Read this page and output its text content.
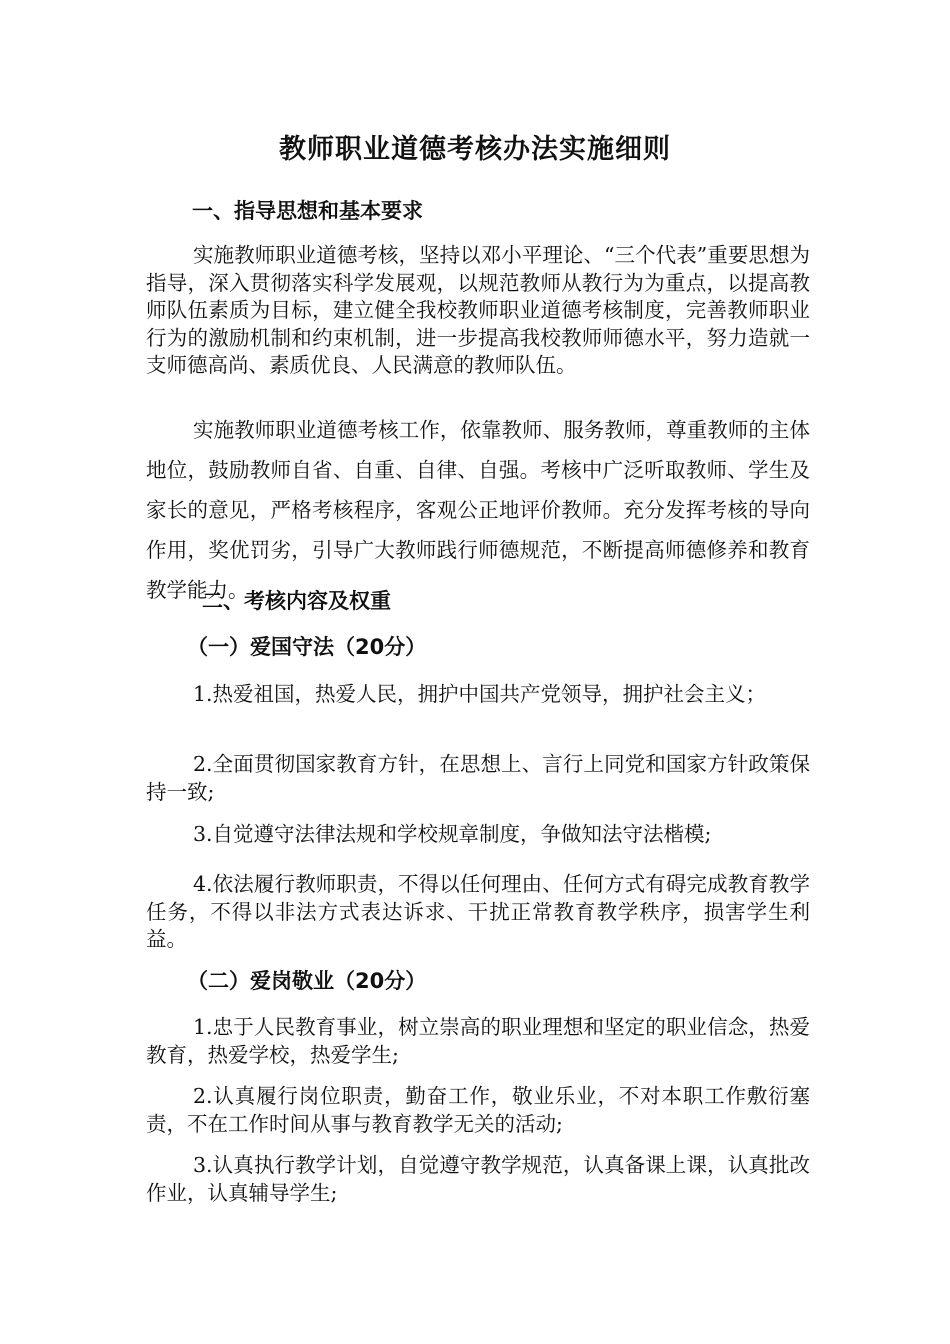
教师职业道德考核办法实施细则
一、指导思想和基本要求

实施教师职业道德考核，坚持以邓小平理论、“三个代表”重要思想为指导，深入贯彻落实科学发展观，以规范教师从教行为为重点，以提高教师队伍素质为目标，建立健全我校教师职业道德考核制度，完善教师职业行为的激励机制和约束机制，进一步提高我校教师师德水平，努力造就一支师德高尚、素质优良、人民满意的教师队伍。

实施教师职业道德考核工作，依靠教师、服务教师，尊重教师的主体地位，鼓励教师自省、自重、自律、自强。考核中广泛听取教师、学生及家长的意见，严格考核程序，客观公正地评价教师。充分发挥考核的导向作用，奖优罚劣，引导广大教师践行师德规范，不断提高师德修养和教育教学能力。

二、考核内容及权重
（一）爱国守法（20分）

1.热爱祖国，热爱人民，拥护中国共产党领导，拥护社会主义；

2.全面贯彻国家教育方针，在思想上、言行上同党和国家方针政策保持一致;

3.自觉遵守法律法规和学校规章制度，争做知法守法楷模;

4.依法履行教师职责，不得以任何理由、任何方式有碍完成教育教学任务，不得以非法方式表达诉求、干扰正常教育教学秩序，损害学生利益。

（二）爱岗敬业（20分）

1.忠于人民教育事业，树立崇高的职业理想和坚定的职业信念，热爱教育，热爱学校，热爱学生;

2.认真履行岗位职责，勤奋工作，敬业乐业，不对本职工作敷衍塞责，不在工作时间从事与教育教学无关的活动;

3.认真执行教学计划，自觉遵守教学规范，认真备课上课，认真批改作业，认真辅导学生;
